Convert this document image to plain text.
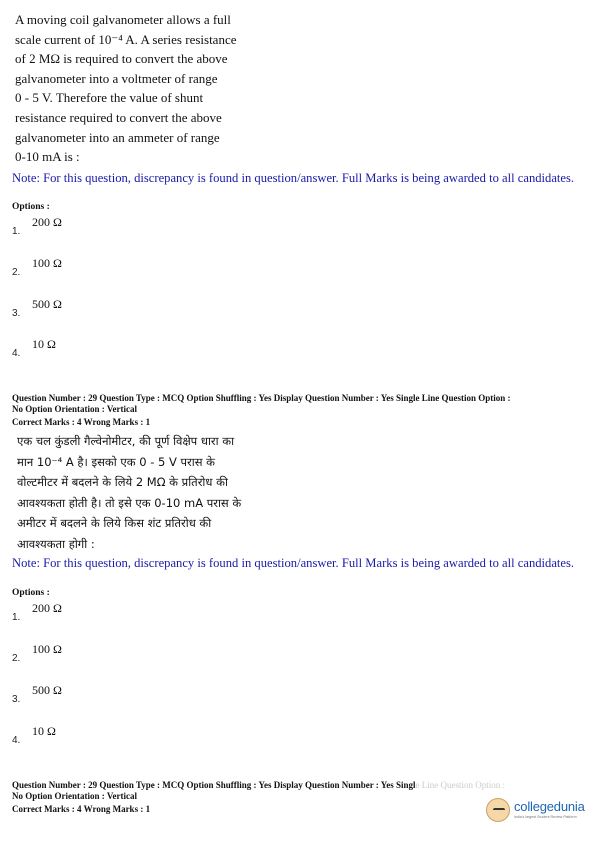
A moving coil galvanometer allows a full

scale current of 10⁻⁴ A. A series resistance

of 2 MΩ is required to convert the above

galvanometer into a voltmeter of range

0 - 5 V. Therefore the value of shunt

resistance required to convert the above

galvanometer into an ammeter of range

0-10 mA is :

Note: For this question, discrepancy is found in question/answer. Full Marks is being awarded to all candidates.
Options :
200 Ω
1.
100 Ω
2.
500 Ω
3.
10 Ω
4.
Question Number : 29 Question Type : MCQ Option Shuffling : Yes Display Question Number : Yes Single Line Question Option :
No Option Orientation : Vertical
Correct Marks : 4 Wrong Marks : 1

एक चल कुंडली गैल्वेनोमीटर, की पूर्ण विक्षेप धारा का

मान 10⁻⁴ A है। इसको एक 0 - 5 V परास के

वोल्टमीटर में बदलने के लिये 2 MΩ के प्रतिरोध की

आवश्यकता होती है। तो इसे एक 0-10 mA परास के

अमीटर में बदलने के लिये किस शंट प्रतिरोध की

आवश्यकता होगी :

Note: For this question, discrepancy is found in question/answer. Full Marks is being awarded to all candidates.
Options :
200 Ω
1.
100 Ω
2.
500 Ω
3.
10 Ω
4.
Question Number : 29 Question Type : MCQ Option Shuffling : Yes Display Question Number : Yes Single Line Question Option :
No Option Orientation : Vertical
Correct Marks : 4 Wrong Marks : 1	collegedunia
India's largest Student Review Platform
